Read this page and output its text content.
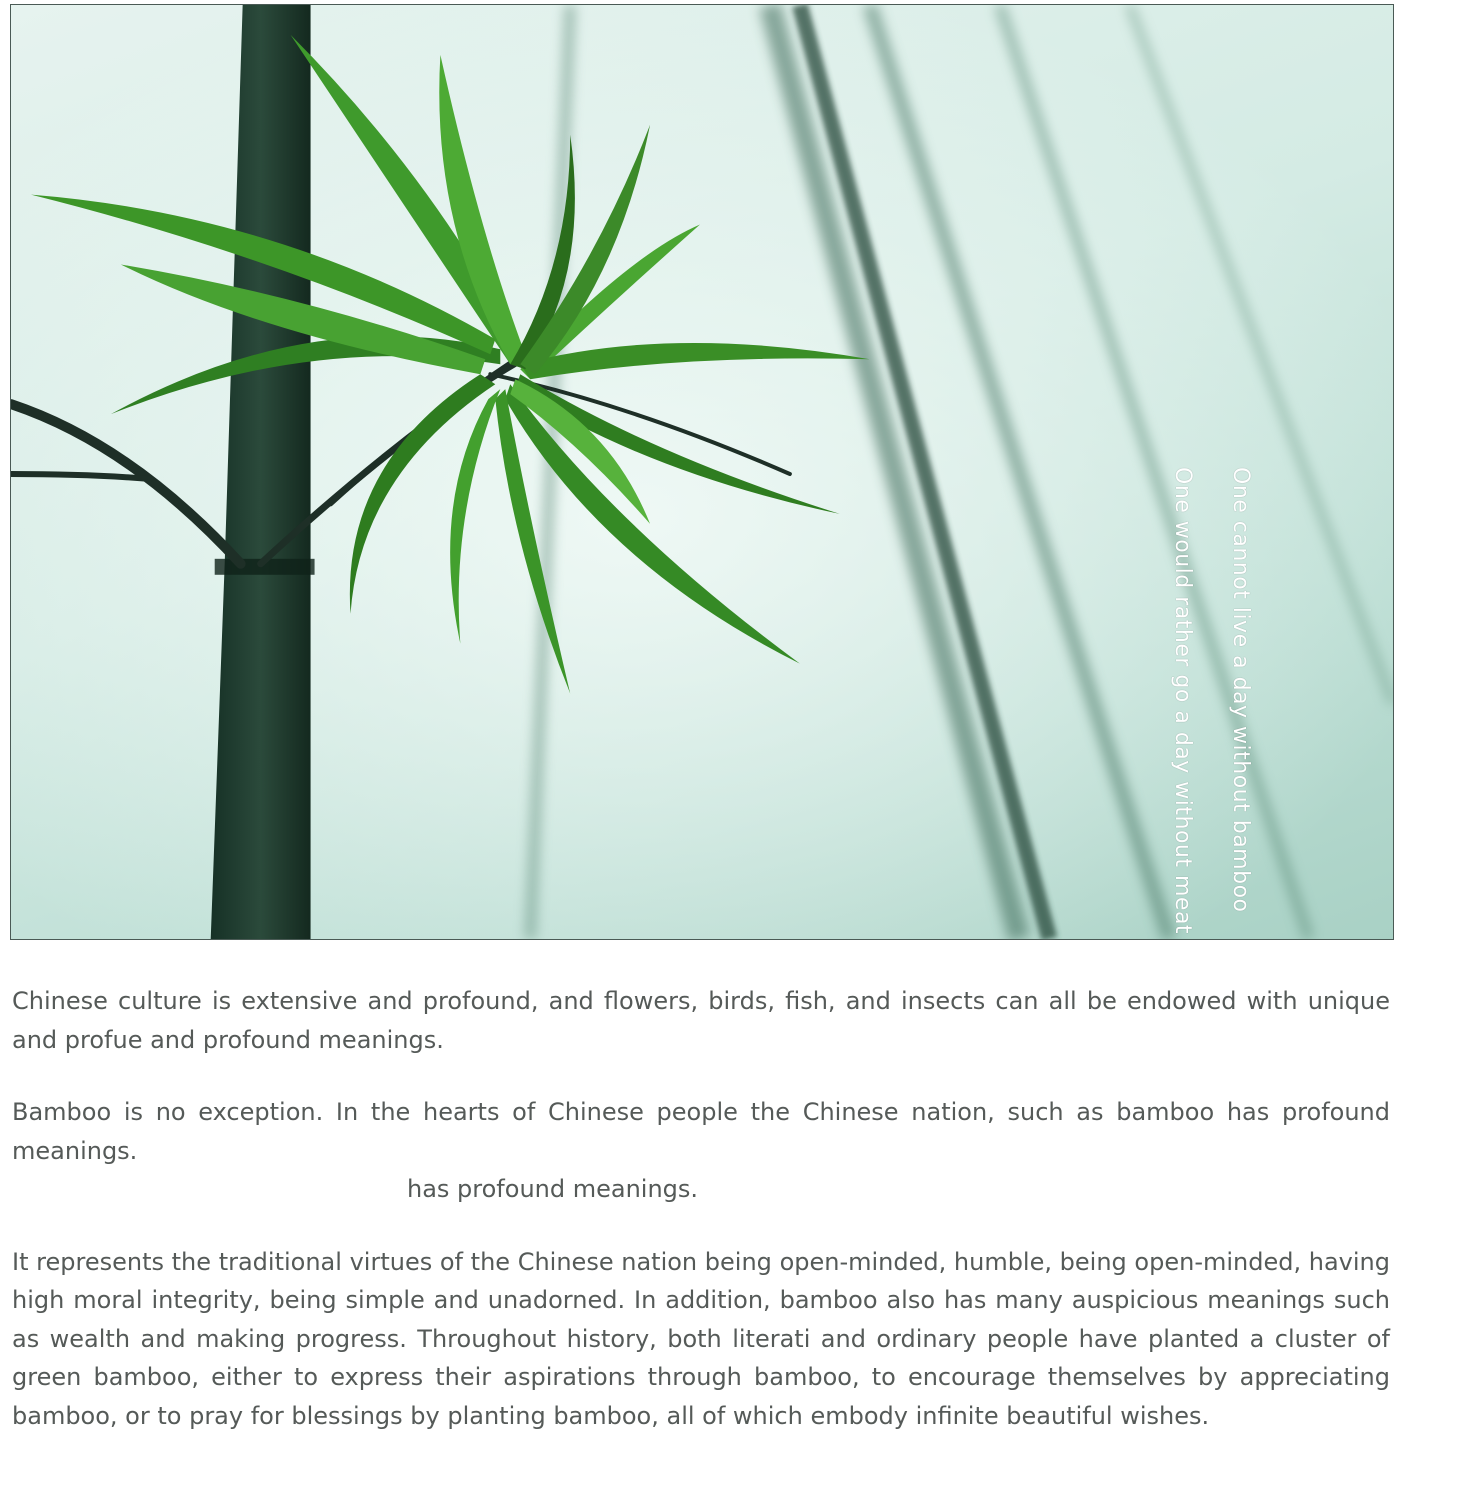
One cannot live a day without bamboo
One would rather go a day without meat

Chinese culture is extensive and profound, and flowers, birds, fish, and insects can all be endowed with unique and profue and profound meanings.

Bamboo is no exception. In the hearts of Chinese people the Chinese nation, such as bamboo has profound meanings.
has profound meanings.

It represents the traditional virtues of the Chinese nation being open-minded, humble, being open-minded, having high moral integrity, being simple and unadorned. In addition, bamboo also has many auspicious meanings such as wealth and making progress. Throughout history, both literati and ordinary people have planted a cluster of green bamboo, either to express their aspirations through bamboo, to encourage themselves by appreciating bamboo, or to pray for blessings by planting bamboo, all of which embody infinite beautiful wishes.
